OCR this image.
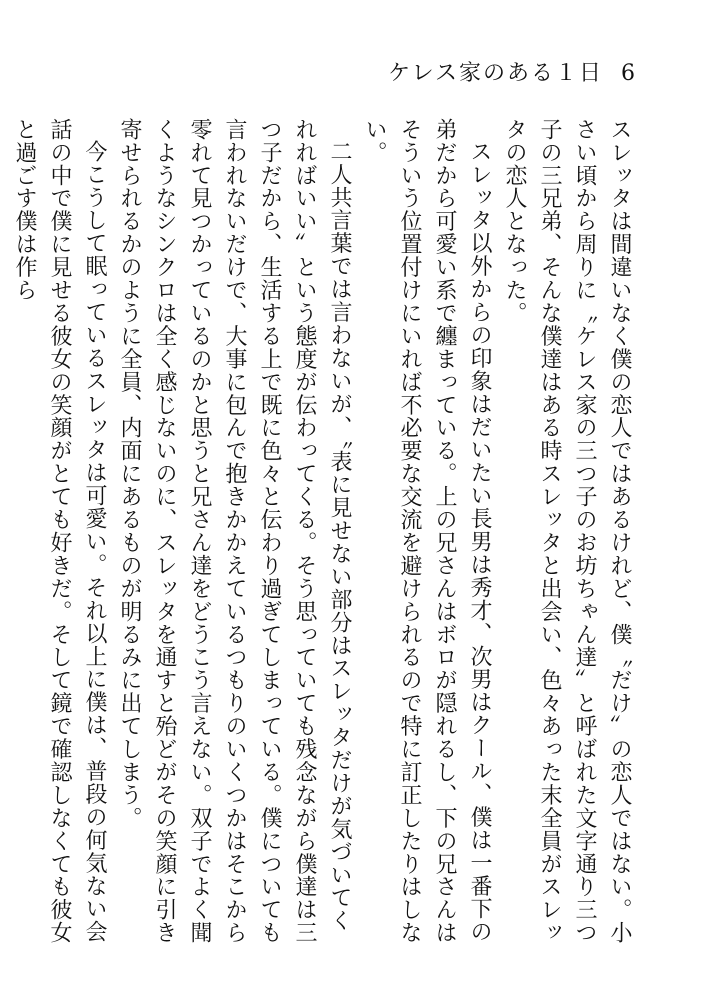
ケレス家のある１日 6

スレッタは間違いなく僕の恋人ではあるけれど、僕〝だけ〟の恋人ではない。小さい頃から周りに〝ケレス家の三つ子のお坊ちゃん達〟と呼ばれた文字通り三つ子の三兄弟、そんな僕達はある時スレッタと出会い、色々あった末全員がスレッタの恋人となった。

スレッタ以外からの印象はだいたい長男は秀才、次男はクール、僕は一番下の弟だから可愛い系で纏まっている。上の兄さんはボロが隠れるし、下の兄さんはそういう位置付けにいれば不必要な交流を避けられるので特に訂正したりはしない。

二人共言葉では言わないが、〝表に見せない部分はスレッタだけが気づいてくれればいい〟という態度が伝わってくる。そう思っていても残念ながら僕達は三つ子だから、生活する上で既に色々と伝わり過ぎてしまっている。僕についても言われないだけで、大事に包んで抱きかかえているつもりのいくつかはそこから零れて見つかっているのかと思うと兄さん達をどうこう言えない。双子でよく聞くようなシンクロは全く感じないのに、スレッタを通すと殆どがその笑顔に引き寄せられるかのように全員、内面にあるものが明るみに出てしまう。

今こうして眠っているスレッタは可愛い。それ以上に僕は、普段の何気ない会話の中で僕に見せる彼女の笑顔がとても好きだ。そして鏡で確認しなくても彼女と過ごす僕は作ら
